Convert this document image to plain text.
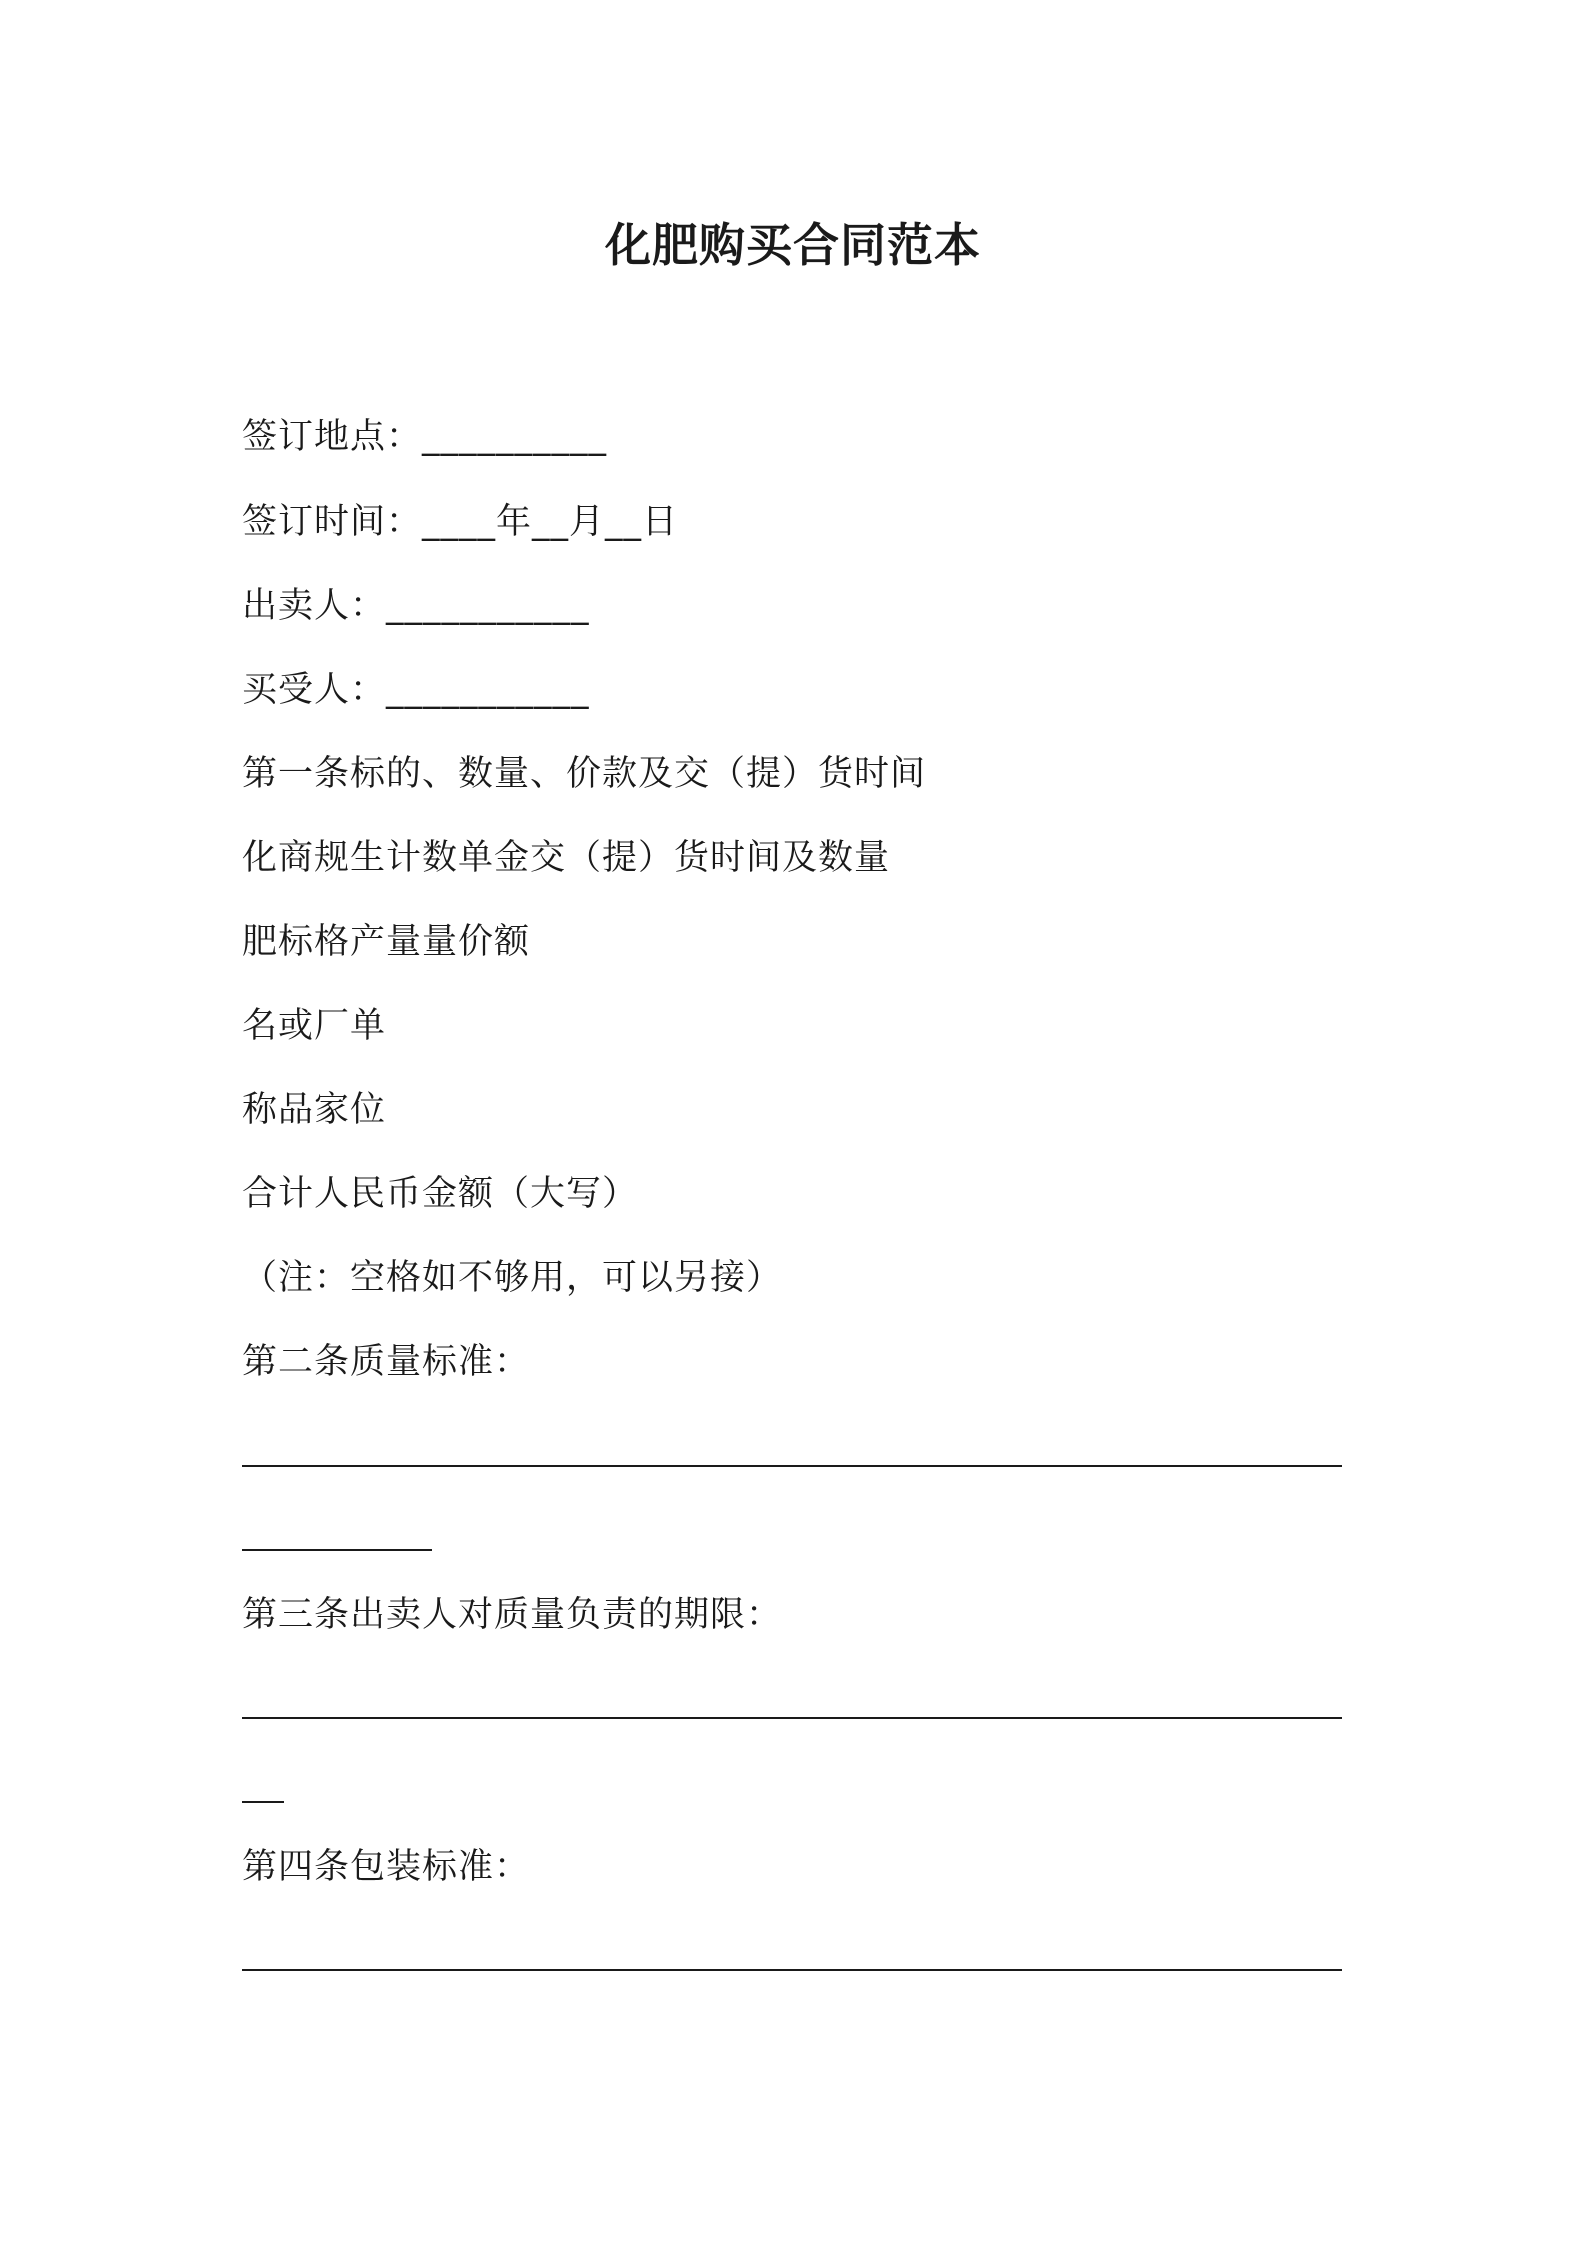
化肥购买合同范本

签订地点：__________

签订时间：____年__月__日

出卖人：___________

买受人：___________

第一条标的、数量、价款及交（提）货时间

化商规生计数单金交（提）货时间及数量

肥标格产量量价额

名或厂单

称品家位

合计人民币金额（大写）

（注：空格如不够用，可以另接）

第二条质量标准：

第三条出卖人对质量负责的期限：

第四条包装标准：
